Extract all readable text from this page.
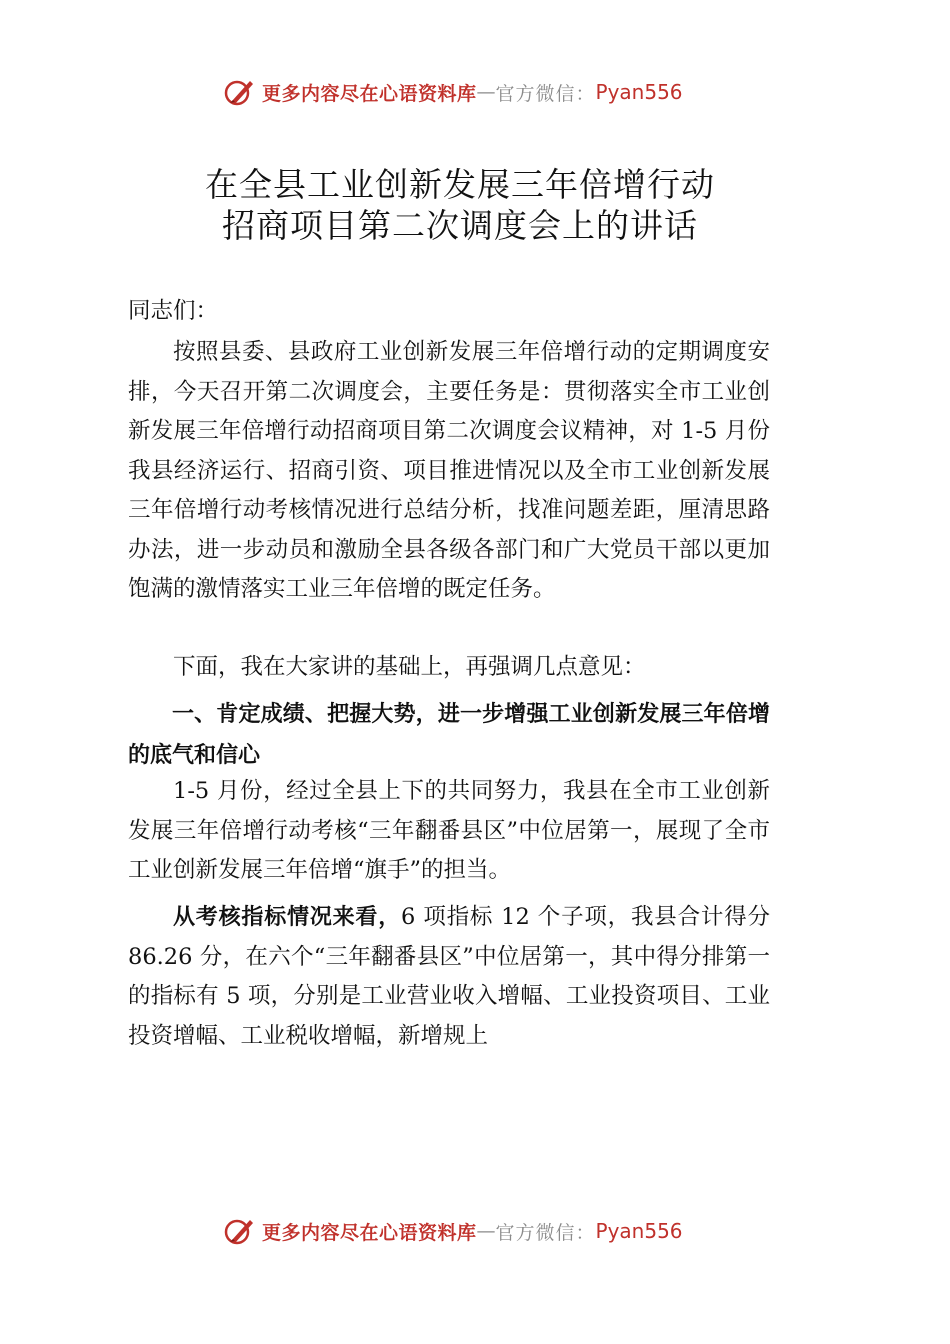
更多内容尽在心语资料库 — 官方微信： Pyan556
在全县工业创新发展三年倍增行动
招商项目第二次调度会上的讲话

同志们：

按照县委、县政府工业创新发展三年倍增行动的定期调度安排，今天召开第二次调度会，主要任务是：贯彻落实全市工业创新发展三年倍增行动招商项目第二次调度会议精神，对 1-5 月份我县经济运行、招商引资、项目推进情况以及全市工业创新发展三年倍增行动考核情况进行总结分析，找准问题差距，厘清思路办法，进一步动员和激励全县各级各部门和广大党员干部以更加饱满的激情落实工业三年倍增的既定任务。

下面，我在大家讲的基础上，再强调几点意见：

一、肯定成绩、把握大势，进一步增强工业创新发展三年倍增的底气和信心

1-5 月份，经过全县上下的共同努力，我县在全市工业创新发展三年倍增行动考核“三年翻番县区”中位居第一，展现了全市工业创新发展三年倍增“旗手”的担当。

从考核指标情况来看，6 项指标 12 个子项，我县合计得分 86.26 分，在六个“三年翻番县区”中位居第一，其中得分排第一的指标有 5 项，分别是工业营业收入增幅、工业投资项目、工业投资增幅、工业税收增幅，新增规上

更多内容尽在心语资料库 — 官方微信： Pyan556
